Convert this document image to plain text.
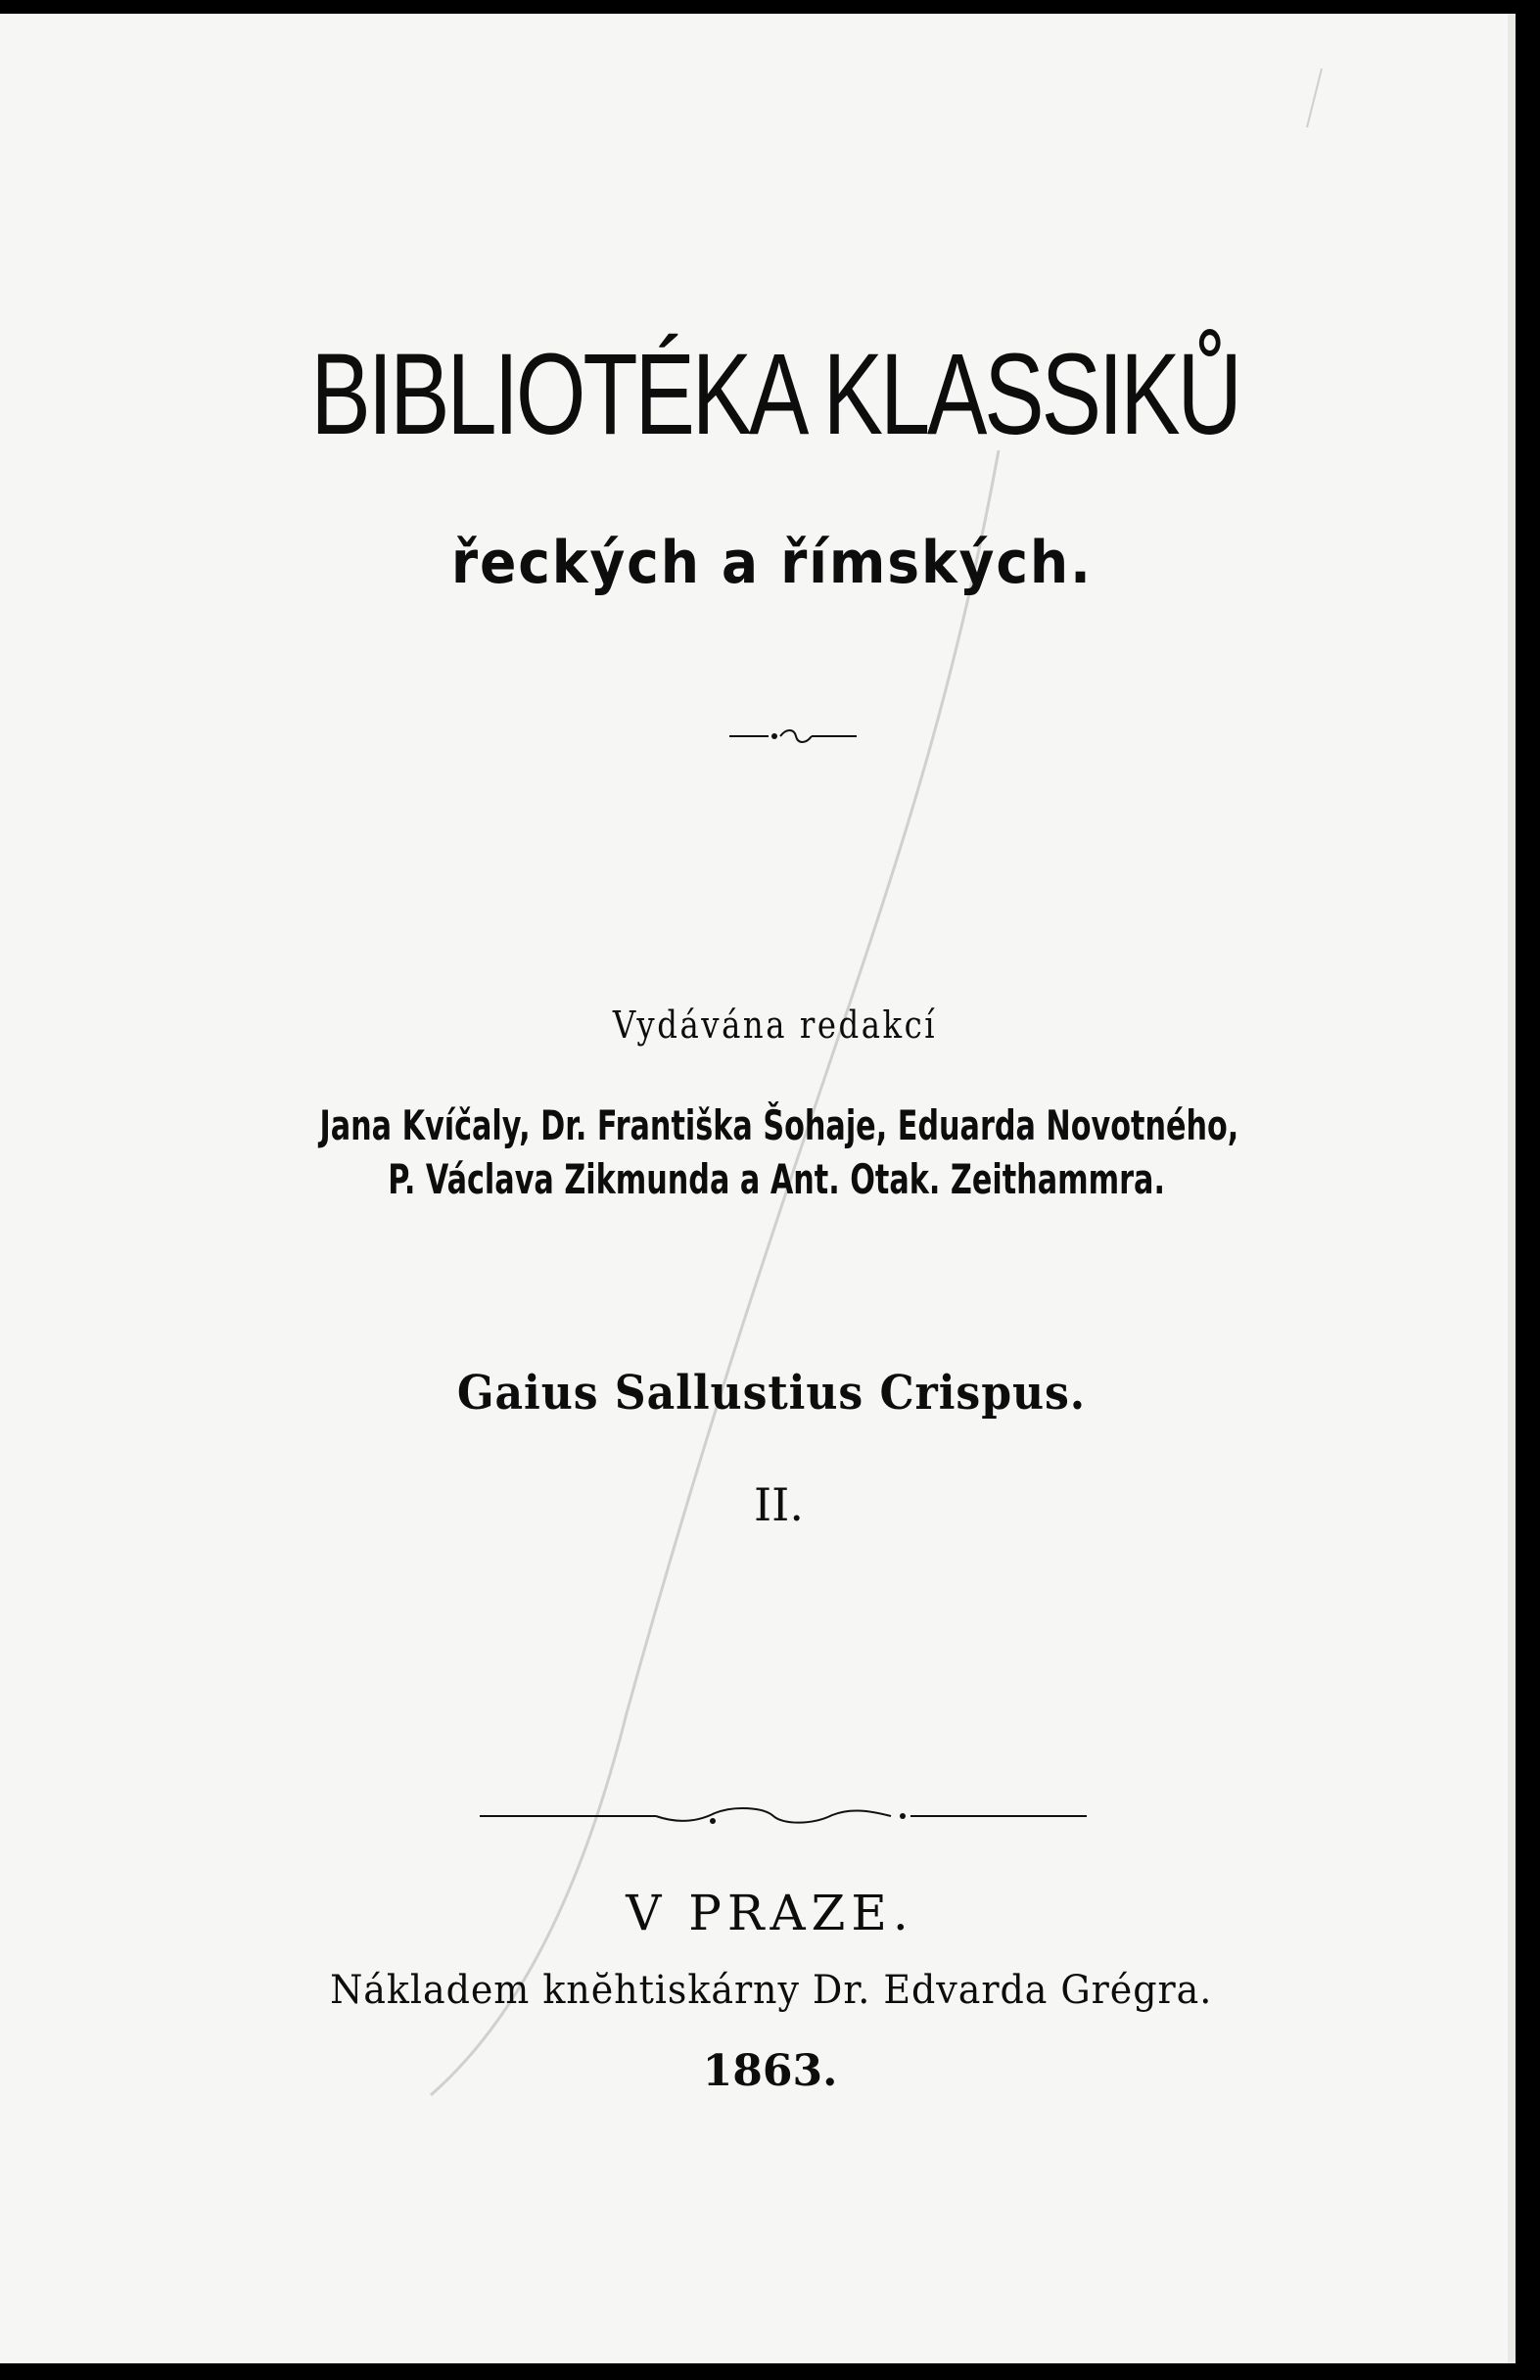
BIBLIOTÉKA KLASSIKŮ
řeckých a římských.
Vydávána redakcí
Jana Kvíčaly, Dr. Františka Šohaje, Eduarda Novotného,
P. Václava Zikmunda a Ant. Otak. Zeithammra.
Gaius Sallustius Crispus.
II.
V PRAZE.
Nákladem knĕhtiskárny Dr. Edvarda Grégra.
1863.
